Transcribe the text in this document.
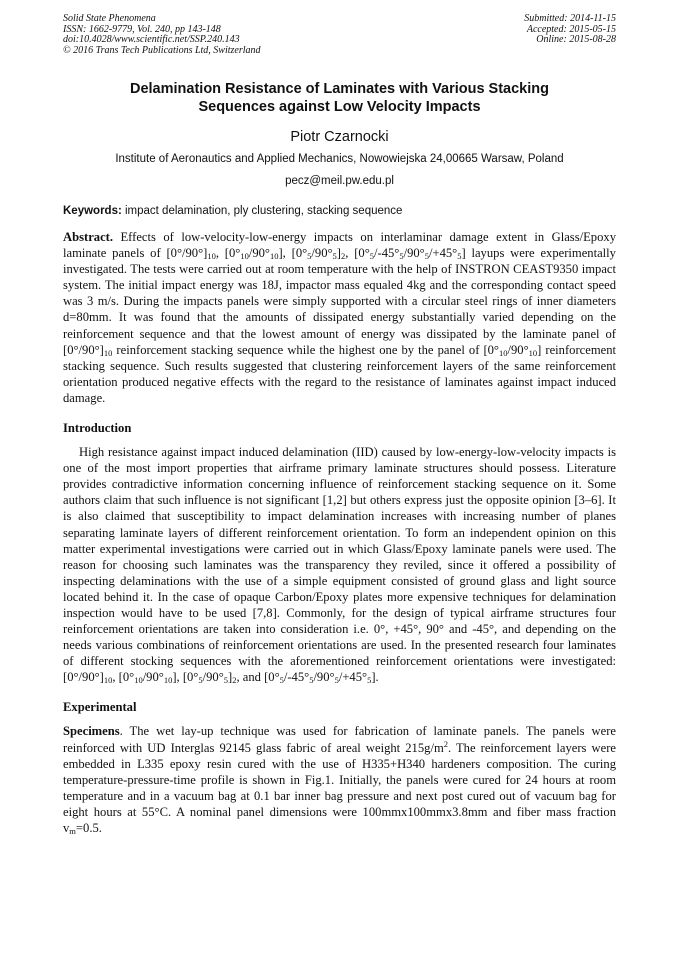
Solid State Phenomena
ISSN: 1662-9779, Vol. 240, pp 143-148
doi:10.4028/www.scientific.net/SSP.240.143
© 2016 Trans Tech Publications Ltd, Switzerland
Submitted: 2014-11-15
Accepted: 2015-05-15
Online: 2015-08-28
Delamination Resistance of Laminates with Various Stacking
Sequences against Low Velocity Impacts
Piotr Czarnocki
Institute of Aeronautics and Applied Mechanics, Nowowiejska 24,00665 Warsaw, Poland
pecz@meil.pw.edu.pl
Keywords: impact delamination, ply clustering, stacking sequence

Abstract. Effects of low-velocity-low-energy impacts on interlaminar damage extent in Glass/Epoxy laminate panels of $[0^\circ/90^\circ]_{10}$, $[0^\circ_{10}/90^\circ_{10}]$, $[0^\circ_5/90^\circ_5]_2$, $[0^\circ_5/-45^\circ_5/90^\circ_5/+45^\circ_5]$ layups were experimentally investigated. The tests were carried out at room temperature with the help of INSTRON CEAST9350 impact system. The initial impact energy was 18J, impactor mass equaled 4kg and the corresponding contact speed was 3 m/s. During the impacts panels were simply supported with a circular steel rings of inner diameters d=80mm. It was found that the amounts of dissipated energy substantially varied depending on the reinforcement sequence and that the lowest amount of energy was dissipated by the laminate panel of $[0^\circ/90^\circ]_{10}$ reinforcement stacking sequence while the highest one by the panel of $[0^\circ_{10}/90^\circ_{10}]$ reinforcement stacking sequence. Such results suggested that clustering reinforcement layers of the same reinforcement orientation produced negative effects with the regard to the resistance of laminates against impact induced damage.

Introduction

High resistance against impact induced delamination (IID) caused by low-energy-low-velocity impacts is one of the most import properties that airframe primary laminate structures should possess. Literature provides contradictive information concerning influence of reinforcement stacking sequence on it. Some authors claim that such influence is not significant [1,2] but others express just the opposite opinion [3–6]. It is also claimed that susceptibility to impact delamination increases with increasing number of planes separating laminate layers of different reinforcement orientation. To form an independent opinion on this matter experimental investigations were carried out in which Glass/Epoxy laminate panels were used. The reason for choosing such laminates was the transparency they reviled, since it offered a possibility of inspecting delaminations with the use of a simple equipment consisted of ground glass and light source located behind it. In the case of opaque Carbon/Epoxy plates more expensive techniques for delamination inspection would have to be used [7,8]. Commonly, for the design of typical airframe structures four reinforcement orientations are taken into consideration i.e. 0°, +45°, 90° and -45°, and depending on the needs various combinations of reinforcement orientations are used. In the presented research four laminates of different stocking sequences with the aforementioned reinforcement orientations were investigated: $[0^\circ/90^\circ]_{10}$, $[0^\circ_{10}/90^\circ_{10}]$, $[0^\circ_5/90^\circ_5]_2$, and $[0^\circ_5/-45^\circ_5/90^\circ_5/+45^\circ_5]$.

Experimental

Specimens. The wet lay-up technique was used for fabrication of laminate panels. The panels were reinforced with UD Interglas 92145 glass fabric of areal weight $215g/m^2$. The reinforcement layers were embedded in L335 epoxy resin cured with the use of H335+H340 hardeners composition. The curing temperature-pressure-time profile is shown in Fig.1. Initially, the panels were cured for 24 hours at room temperature and in a vacuum bag at 0.1 bar inner bag pressure and next post cured out of vacuum bag for eight hours at 55°C. A nominal panel dimensions were 100mmx100mmx3.8mm and fiber mass fraction $v_m=0.5$.
